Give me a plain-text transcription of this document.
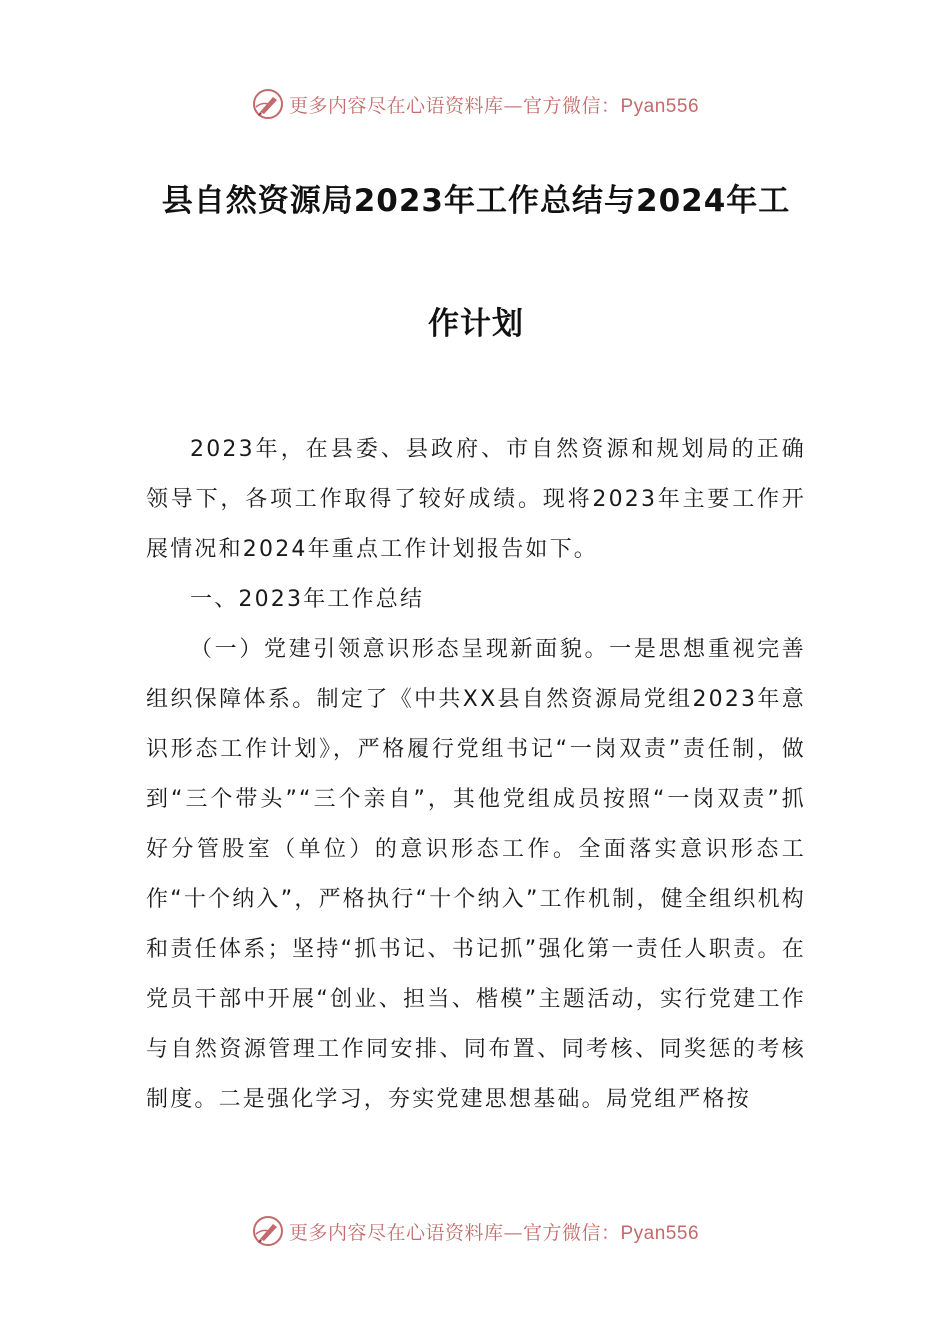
更多内容尽在心语资料库—官方微信：Pyan556
县自然资源局2023年工作总结与2024年工
作计划

2023年，在县委、县政府、市自然资源和规划局的正确领导下，各项工作取得了较好成绩。现将2023年主要工作开展情况和2024年重点工作计划报告如下。

一、2023年工作总结

（一）党建引领意识形态呈现新面貌。一是思想重视完善组织保障体系。制定了《中共XX县自然资源局党组2023年意识形态工作计划》，严格履行党组书记“一岗双责”责任制，做到“三个带头”“三个亲自”，其他党组成员按照“一岗双责”抓好分管股室（单位）的意识形态工作。全面落实意识形态工作“十个纳入”，严格执行“十个纳入”工作机制，健全组织机构和责任体系；坚持“抓书记、书记抓”强化第一责任人职责。在党员干部中开展“创业、担当、楷模”主题活动，实行党建工作与自然资源管理工作同安排、同布置、同考核、同奖惩的考核制度。二是强化学习，夯实党建思想基础。局党组严格按

更多内容尽在心语资料库—官方微信：Pyan556
